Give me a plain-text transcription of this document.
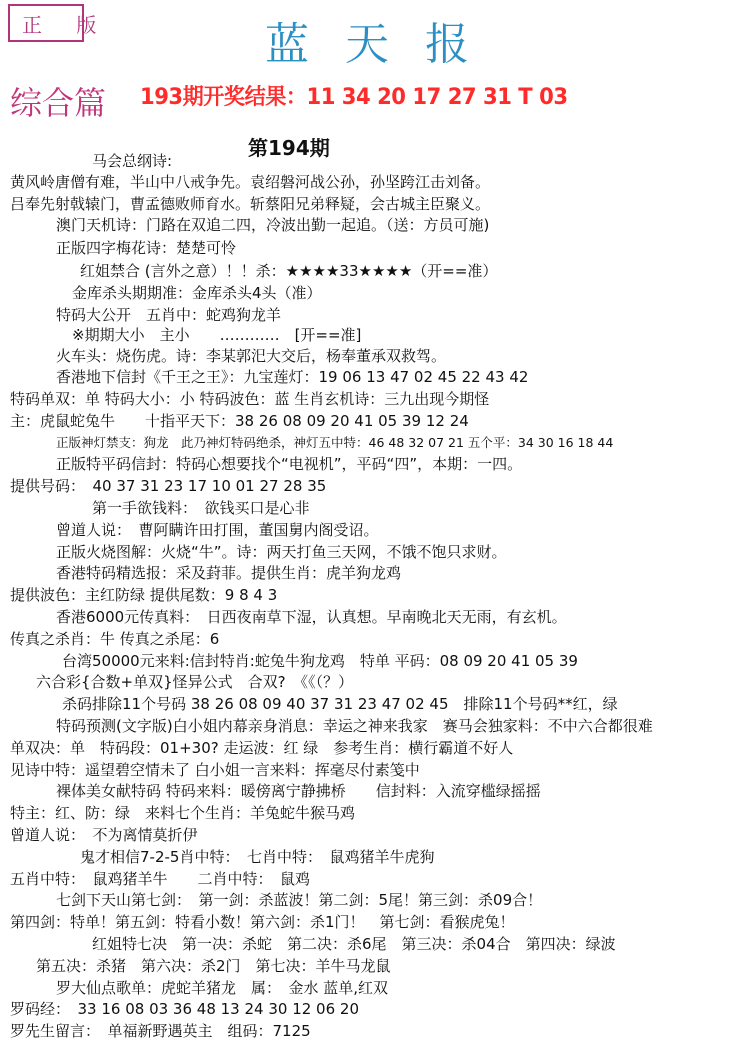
正 版	蓝天报
综合篇 193期开奖结果：11 34 20 17 27 31 T 03
第194期
马会总纲诗:
黄风岭唐僧有难，半山中八戒争先。袁绍磐河战公孙，孙坚跨江击刘备。
吕奉先射戟辕门，曹孟德败师育水。斩蔡阳兄弟释疑，会古城主臣聚义。
澳门天机诗：门路在双追二四，冷波出勤一起追。（送：方员可施)
正版四字梅花诗：楚楚可怜
红姐禁合 (言外之意）！！杀：★★★★33★★★★（开==准）
金库杀头期期准：金库杀头4头（准）
特码大公开　五肖中：蛇鸡狗龙羊
※期期大小　主小　　…………　[开==准]
火车头：烧伤虎。诗：李某郭汜大交后，杨奉董承双救驾。
香港地下信封《千王之王》：九宝莲灯：19 06 13 47 02 45 22 43 42
特码单双：单 特码大小：小 特码波色：蓝 生肖玄机诗：三九出现今期怪
主：虎鼠蛇兔牛　　十指平天下：38 26 08 09 20 41 05 39 12 24
正版神灯禁支：狗龙　此乃神灯特码绝杀，神灯五中特：46 48 32 07 21 五个平：34 30 16 18 44
正版特平码信封：特码心想要找个“电视机”，平码“四”，本期：一四。
提供号码：　40 37 31 23 17 10 01 27 28 35
第一手欲钱料：　欲钱买口是心非
曾道人说：　曹阿瞒许田打围，董国舅内阁受诏。
正版火烧图解：火烧“牛”。诗：两天打鱼三天网，不饿不饱只求财。
香港特码精选报：采及葑菲。提供生肖：虎羊狗龙鸡
提供波色：主红防绿 提供尾数：9 8 4 3
香港6000元传真料：　日西夜南草下湿，认真想。早南晚北天无雨，有玄机。
传真之杀肖：牛 传真之杀尾：6
台湾50000元来料:信封特肖:蛇兔牛狗龙鸡　特单 平码：08 09 20 41 05 39
六合彩{合数+单双}怪异公式　合双?　《《（？）
杀码排除11个号码 38 26 08 09 40 37 31 23 47 02 45　排除11个号码**红，绿
特码预测(文字版)白小姐内幕亲身消息：幸运之神来我家　赛马会独家料：不中六合都很难
单双决：单　特码段：01+30? 走运波：红 绿　参考生肖：横行霸道不好人
见诗中特：遥望碧空情未了 白小姐一言来料：挥毫尽付素笺中
裸体美女献特码 特码来料：暖傍离宁静拂桥　　信封料：入流穿槛绿摇摇
特主：红、防：绿　来料七个生肖：羊兔蛇牛猴马鸡
曾道人说：　不为离情莫折伊
鬼才相信7-2-5肖中特：　七肖中特：　鼠鸡猪羊牛虎狗
五肖中特：　鼠鸡猪羊牛　　二肖中特：　鼠鸡
七剑下天山第七剑：　第一剑：杀蓝波！第二剑：5尾！第三剑：杀09合！
第四剑：特单！第五剑：特看小数！第六剑：杀1门！　第七剑：看猴虎兔！
红姐特七决　第一决：杀蛇　第二决：杀6尾　第三决：杀04合　第四决：绿波
第五决：杀猪　第六决：杀2门　第七决：羊牛马龙鼠
罗大仙点歌单：虎蛇羊猪龙　属：　金水 蓝单,红双
罗码经：　33 16 08 03 36 48 13 24 30 12 06 20
罗先生留言：　单福新野遇英主　组码：7125
